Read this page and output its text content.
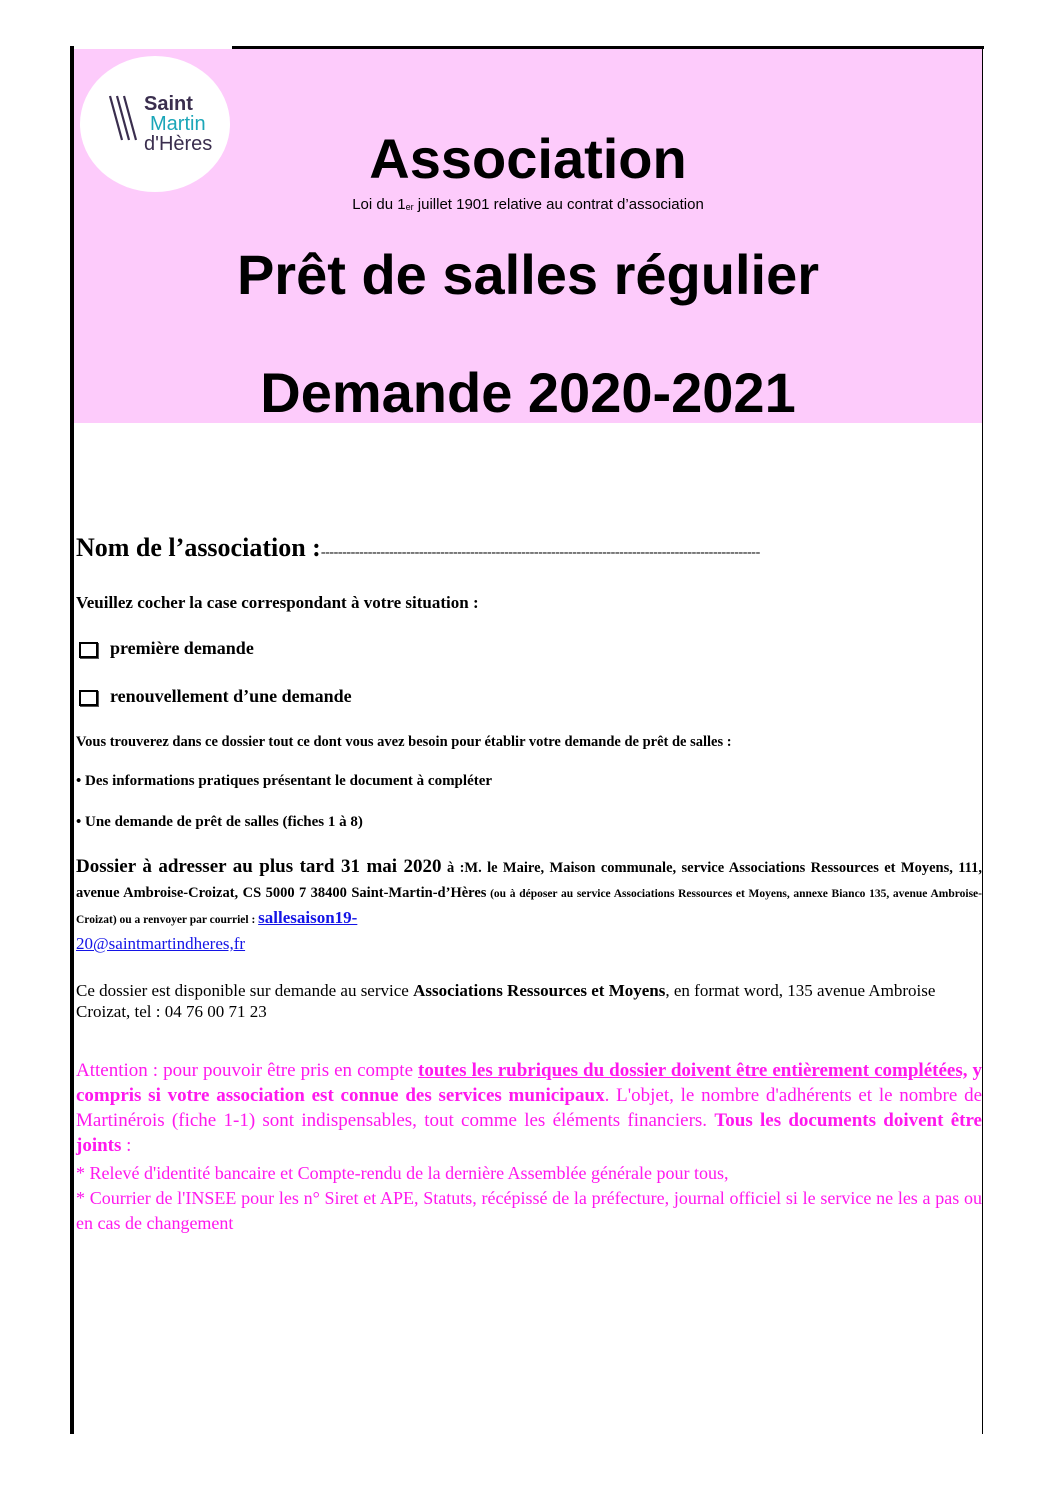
Saint
Martin
d'Hères	Association
Loi du 1er juillet 1901 relative au contrat d’association
Prêt de salles régulier
Demande 2020-2021
Nom de l’association :-------------------------------------------------------------------------------------------------------
Veuillez cocher la case correspondant à votre situation :
première demande
renouvellement d’une demande
Vous trouverez dans ce dossier tout ce dont vous avez besoin pour établir votre demande de prêt de salles :
• Des informations pratiques présentant le document à compléter
• Une demande de prêt de salles (fiches 1 à 8)
Dossier à adresser au plus tard 31 mai 2020 à :M. le Maire, Maison communale, service Associations Ressources et Moyens, 111, avenue Ambroise-Croizat, CS 5000 7 38400 Saint-Martin-d’Hères (ou à déposer au service Associations Ressources et Moyens, annexe Bianco 135, avenue Ambroise-Croizat) ou a renvoyer par courriel : sallesaison19-
20@saintmartindheres,fr
Ce dossier est disponible sur demande au service Associations Ressources et Moyens, en format word, 135 avenue Ambroise Croizat, tel : 04 76 00 71 23
Attention : pour pouvoir être pris en compte toutes les rubriques du dossier doivent être entièrement complétées, y compris si votre association est connue des services municipaux. L'objet, le nombre d'adhérents et le nombre de Martinérois (fiche 1-1) sont indispensables, tout comme les éléments financiers. Tous les documents doivent être joints :
* Relevé d'identité bancaire et Compte-rendu de la dernière Assemblée générale pour tous,
* Courrier de l'INSEE pour les n° Siret et APE, Statuts, récépissé de la préfecture, journal officiel si le service ne les a pas ou en cas de changement
